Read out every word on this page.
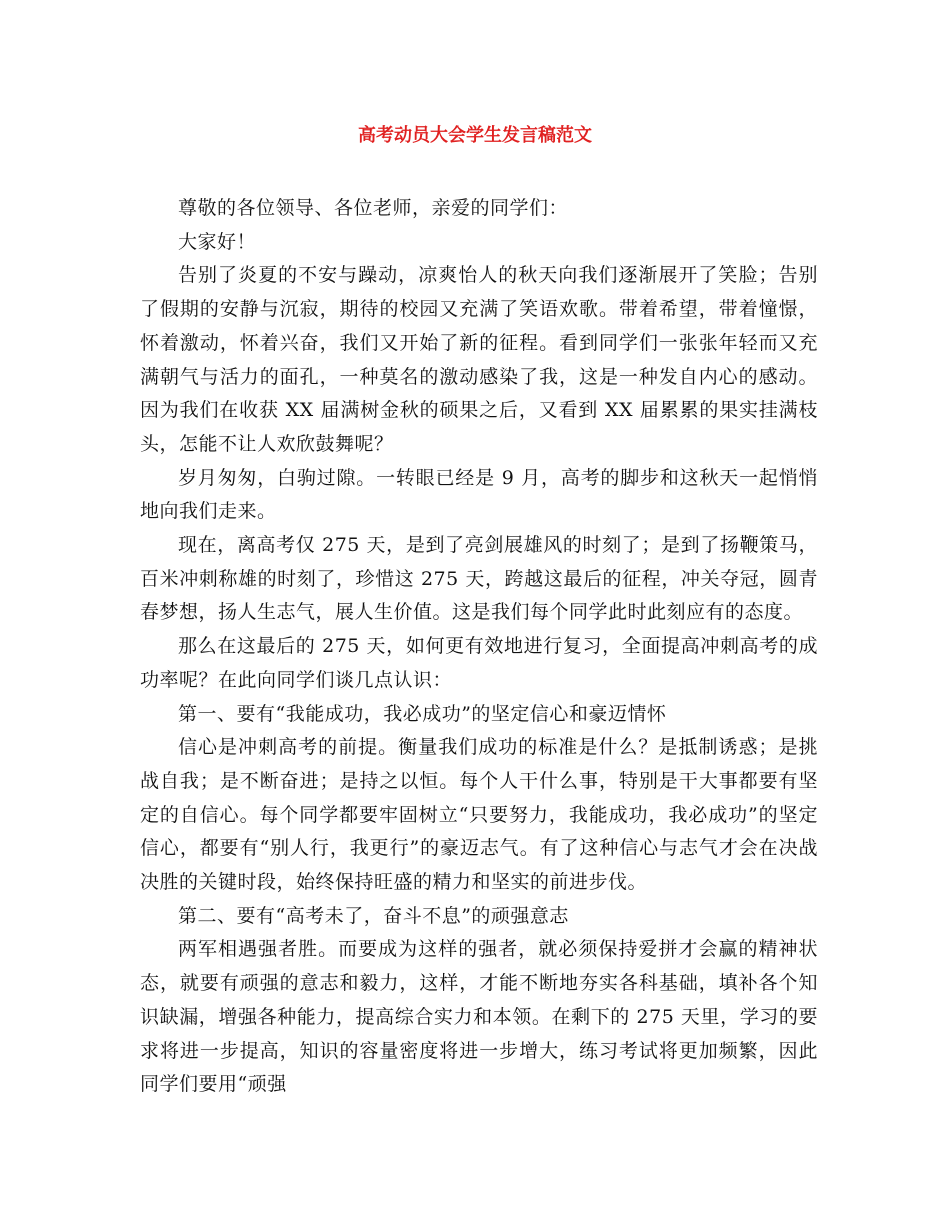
高考动员大会学生发言稿范文

尊敬的各位领导、各位老师，亲爱的同学们：

大家好！

告别了炎夏的不安与躁动，凉爽怡人的秋天向我们逐渐展开了笑脸；告别了假期的安静与沉寂，期待的校园又充满了笑语欢歌。带着希望，带着憧憬，怀着激动，怀着兴奋，我们又开始了新的征程。看到同学们一张张年轻而又充满朝气与活力的面孔，一种莫名的激动感染了我，这是一种发自内心的感动。因为我们在收获 XX 届满树金秋的硕果之后，又看到 XX 届累累的果实挂满枝头，怎能不让人欢欣鼓舞呢？

岁月匆匆，白驹过隙。一转眼已经是 9 月，高考的脚步和这秋天一起悄悄地向我们走来。

现在，离高考仅 275 天，是到了亮剑展雄风的时刻了；是到了扬鞭策马，百米冲刺称雄的时刻了，珍惜这 275 天，跨越这最后的征程，冲关夺冠，圆青春梦想，扬人生志气，展人生价值。这是我们每个同学此时此刻应有的态度。

那么在这最后的 275 天，如何更有效地进行复习，全面提高冲刺高考的成功率呢？在此向同学们谈几点认识：

第一、要有“我能成功，我必成功”的坚定信心和豪迈情怀

信心是冲刺高考的前提。衡量我们成功的标准是什么？是抵制诱惑；是挑战自我；是不断奋进；是持之以恒。每个人干什么事，特别是干大事都要有坚定的自信心。每个同学都要牢固树立“只要努力，我能成功，我必成功”的坚定信心，都要有“别人行，我更行”的豪迈志气。有了这种信心与志气才会在决战决胜的关键时段，始终保持旺盛的精力和坚实的前进步伐。

第二、要有“高考未了，奋斗不息”的顽强意志

两军相遇强者胜。而要成为这样的强者，就必须保持爱拼才会赢的精神状态，就要有顽强的意志和毅力，这样，才能不断地夯实各科基础，填补各个知识缺漏，增强各种能力，提高综合实力和本领。在剩下的 275 天里，学习的要求将进一步提高，知识的容量密度将进一步增大，练习考试将更加频繁，因此同学们要用“顽强
